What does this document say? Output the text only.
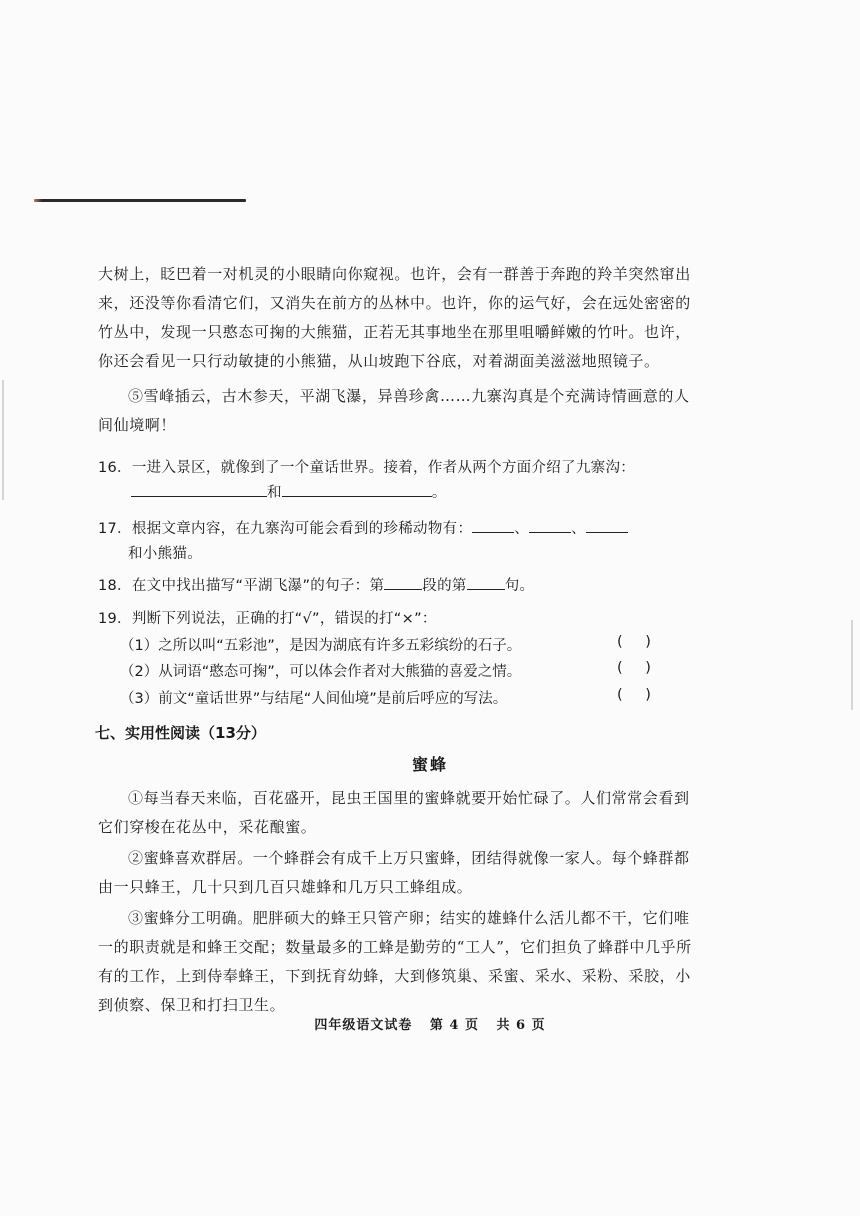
大树上，眨巴着一对机灵的小眼睛向你窥视。也许，会有一群善于奔跑的羚羊突然窜出来，还没等你看清它们，又消失在前方的丛林中。也许，你的运气好，会在远处密密的竹丛中，发现一只憨态可掬的大熊猫，正若无其事地坐在那里咀嚼鲜嫩的竹叶。也许，你还会看见一只行动敏捷的小熊猫，从山坡跑下谷底，对着湖面美滋滋地照镜子。

⑤雪峰插云，古木参天，平湖飞瀑，异兽珍禽……九寨沟真是个充满诗情画意的人间仙境啊！

16．一进入景区，就像到了一个童话世界。接着，作者从两个方面介绍了九寨沟：
和	。
17．根据文章内容，在九寨沟可能会看到的珍稀动物有：	、	、
和小熊猫。
18．在文中找出描写“平湖飞瀑”的句子：第	段的第	句。
19．判断下列说法，正确的打“√”，错误的打“×”：
（1）之所以叫“五彩池”，是因为湖底有许多五彩缤纷的石子。	( )
（2）从词语“憨态可掬”，可以体会作者对大熊猫的喜爱之情。	( )
（3）前文“童话世界”与结尾“人间仙境”是前后呼应的写法。	( )
七、实用性阅读（13分）
蜜蜂

①每当春天来临，百花盛开，昆虫王国里的蜜蜂就要开始忙碌了。人们常常会看到它们穿梭在花丛中，采花酿蜜。

②蜜蜂喜欢群居。一个蜂群会有成千上万只蜜蜂，团结得就像一家人。每个蜂群都由一只蜂王，几十只到几百只雄蜂和几万只工蜂组成。

③蜜蜂分工明确。肥胖硕大的蜂王只管产卵；结实的雄蜂什么活儿都不干，它们唯一的职责就是和蜂王交配；数量最多的工蜂是勤劳的“工人”，它们担负了蜂群中几乎所有的工作，上到侍奉蜂王，下到抚育幼蜂，大到修筑巢、采蜜、采水、采粉、采胶，小到侦察、保卫和打扫卫生。

四年级语文试卷 第 4 页 共 6 页
